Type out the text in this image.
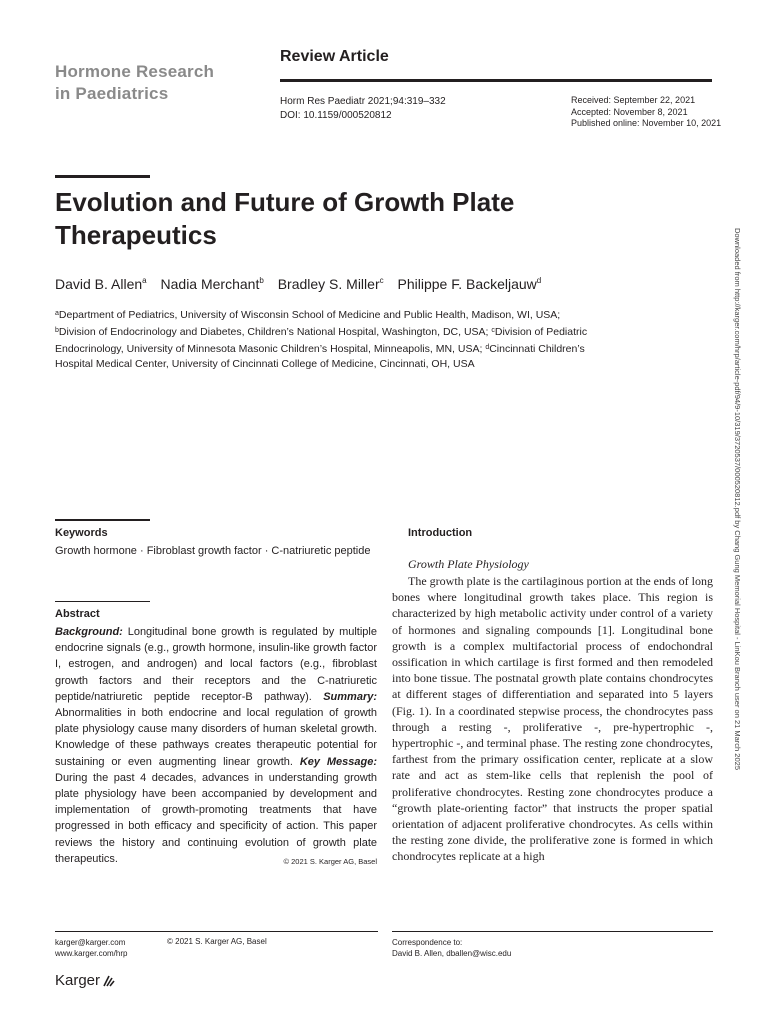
Hormone Research
in Paediatrics
Review Article
Horm Res Paediatr 2021;94:319–332
DOI: 10.1159/000520812
Received: September 22, 2021
Accepted: November 8, 2021
Published online: November 10, 2021
Evolution and Future of Growth Plate Therapeutics
David B. Allen$^a$ Nadia Merchant$^b$ Bradley S. Miller$^c$ Philippe F. Backeljauw$^d$
$^a$Department of Pediatrics, University of Wisconsin School of Medicine and Public Health, Madison, WI, USA;
$^b$Division of Endocrinology and Diabetes, Children’s National Hospital, Washington, DC, USA; $^c$Division of Pediatric Endocrinology, University of Minnesota Masonic Children’s Hospital, Minneapolis, MN, USA; $^d$Cincinnati Children’s Hospital Medical Center, University of Cincinnati College of Medicine, Cincinnati, OH, USA	Downloaded from http://karger.com/hrp/article-pdf/94/9-10/319/3720537/000520812.pdf by Chang Gung Memorial Hospital - LinKou Branch user on 21 March 2025
Keywords
Growth hormone · Fibroblast growth factor · C-natriuretic peptide
Abstract
Background: Longitudinal bone growth is regulated by multiple endocrine signals (e.g., growth hormone, insulin-like growth factor I, estrogen, and androgen) and local factors (e.g., fibroblast growth factors and their receptors and the C-natriuretic peptide/natriuretic peptide receptor-B pathway). Summary: Abnormalities in both endocrine and local regulation of growth plate physiology cause many disorders of human skeletal growth. Knowledge of these pathways creates therapeutic potential for sustaining or even augmenting linear growth. Key Message: During the past 4 decades, advances in understanding growth plate physiology have been accompanied by development and implementation of growth-promoting treatments that have progressed in both efficacy and specificity of action. This paper reviews the history and continuing evolution of growth plate therapeutics.	© 2021 S. Karger AG, Basel
Introduction
Growth Plate Physiology
The growth plate is the cartilaginous portion at the ends of long bones where longitudinal growth takes place. This region is characterized by high metabolic activity under control of a variety of hormones and signaling compounds [1]. Longitudinal bone growth is a complex multifactorial process of endochondral ossification in which cartilage is first formed and then remodeled into bone tissue. The postnatal growth plate contains chondrocytes at different stages of differentiation and separated into 5 layers (Fig. 1). In a coordinated stepwise process, the chondrocytes pass through a resting -, proliferative -, pre-hypertrophic -, hypertrophic -, and terminal phase. The resting zone chondrocytes, farthest from the primary ossification center, replicate at a slow rate and act as stem-like cells that replenish the pool of proliferative chondrocytes. Resting zone chondrocytes produce a “growth plate-orienting factor” that instructs the proper spatial orientation of adjacent proliferative chondrocytes. As cells within the resting zone divide, the proliferative zone is formed in which chondrocytes replicate at a high
karger@karger.com
www.karger.com/hrp
© 2021 S. Karger AG, Basel	Correspondence to:
David B. Allen, dballen@wisc.edu
Karger
